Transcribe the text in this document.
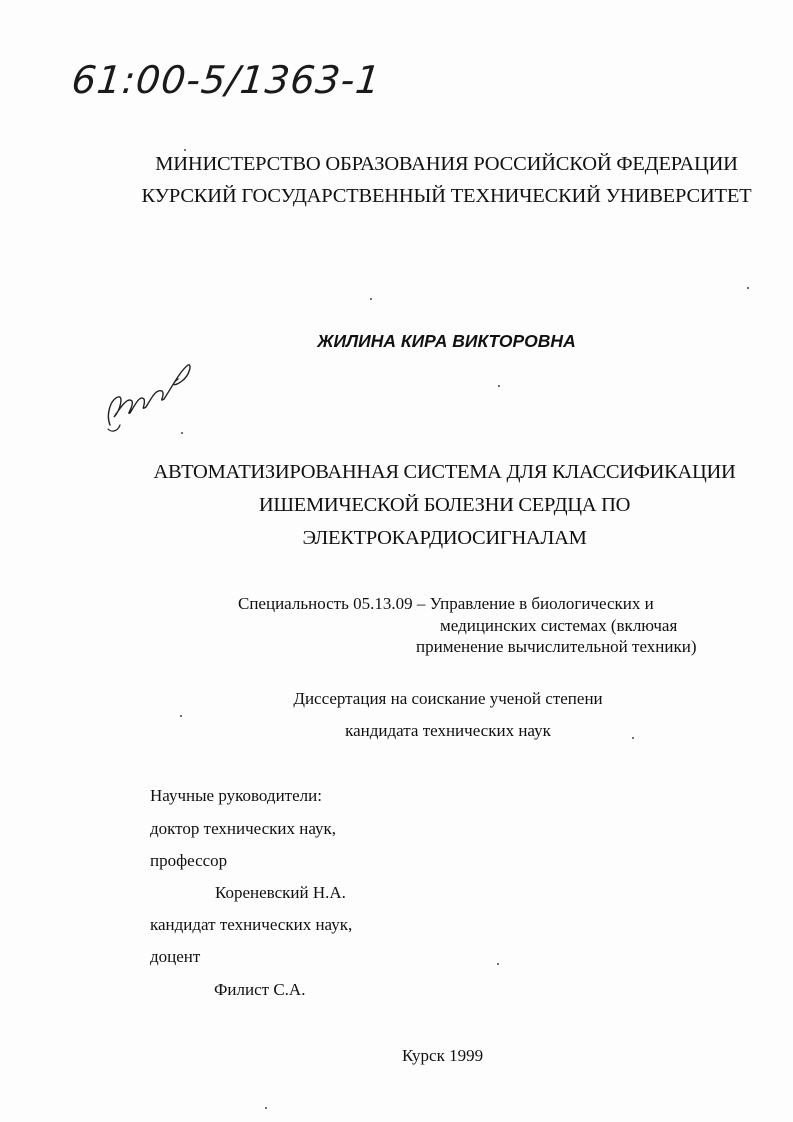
61:00-5/1363-1
МИНИСТЕРСТВО ОБРАЗОВАНИЯ РОССИЙСКОЙ ФЕДЕРАЦИИ
КУРСКИЙ ГОСУДАРСТВЕННЫЙ ТЕХНИЧЕСКИЙ УНИВЕРСИТЕТ
ЖИЛИНА КИРА ВИКТОРОВНА
АВТОМАТИЗИРОВАННАЯ СИСТЕМА ДЛЯ КЛАССИФИКАЦИИ
ИШЕМИЧЕСКОЙ БОЛЕЗНИ СЕРДЦА ПО
ЭЛЕКТРОКАРДИОСИГНАЛАМ
Специальность 05.13.09 – Управление в биологических и
медицинских системах (включая
применение вычислительной техники)
Диссертация на соискание ученой степени
кандидата технических наук
Научные руководители:
доктор технических наук,
профессор
Кореневский Н.А.
кандидат технических наук,
доцент
Филист С.А.
Курск 1999
